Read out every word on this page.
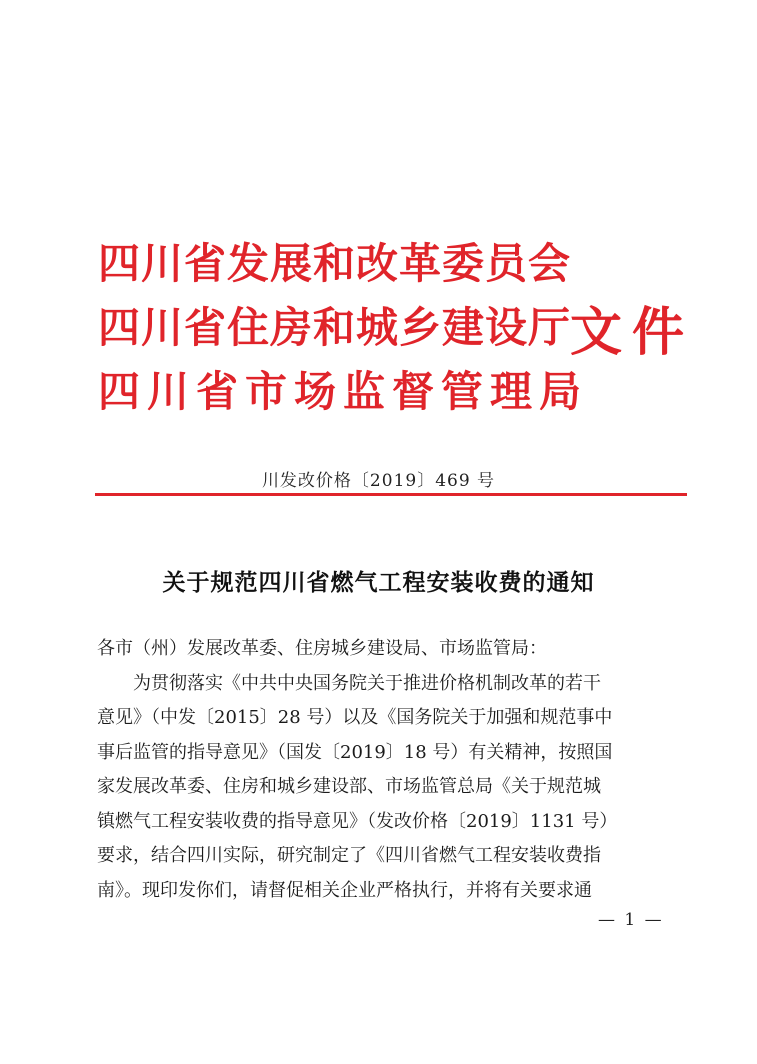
四川省发展和改革委员会
四川省住房和城乡建设厅
四川省市场监督管理局
文件
川发改价格〔2019〕469 号
关于规范四川省燃气工程安装收费的通知

各市（州）发展改革委、住房城乡建设局、市场监管局：

为贯彻落实《中共中央国务院关于推进价格机制改革的若干

意见》（中发〔2015〕28 号）以及《国务院关于加强和规范事中

事后监管的指导意见》（国发〔2019〕18 号）有关精神，按照国

家发展改革委、住房和城乡建设部、市场监管总局《关于规范城

镇燃气工程安装收费的指导意见》（发改价格〔2019〕1131 号）

要求，结合四川实际，研究制定了《四川省燃气工程安装收费指

南》。现印发你们，请督促相关企业严格执行，并将有关要求通

— 1 —
